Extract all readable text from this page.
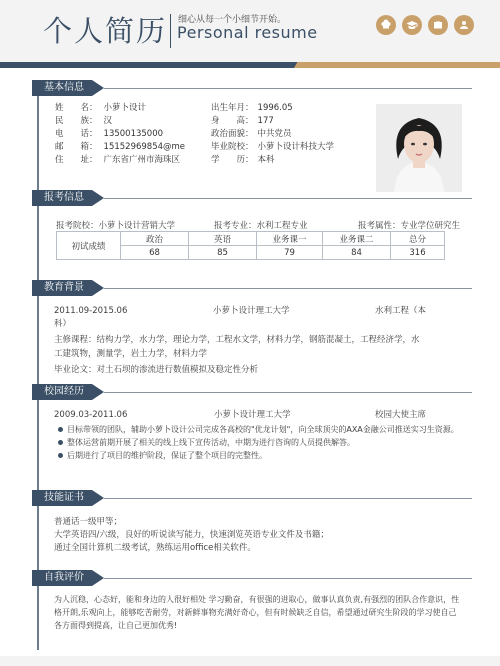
个人简历 细心从每一个小细节开始。
Personal resume
基本信息
姓　　名： 小萝卜设计
民　　族： 汉
电　　话： 13500135000
邮　　箱： 15152969854@me
住　　址： 广东省广州市海珠区
出生年月： 1996.05
身　　高： 177
政治面貌： 中共党员
毕业院校： 小萝卜设计科技大学
学　　历： 本科
报考信息
报考院校：小萝卜设计营销大学	报考专业：水利工程专业	报考属性：专业学位研究生
初试成绩	政治	英语	业务课一	业务课二	总分
	68	85	79	84	316
教育背景
2011.09-2015.06	小萝卜设计理工大学	水利工程（本
科）
主修课程：结构力学，水力学，理论力学，工程水文学，材料力学，钢筋混凝土，工程经济学，水
工建筑物，测量学，岩土力学，材料力学
毕业论文：对土石坝的渗流进行数值模拟及稳定性分析
校园经历
2009.03-2011.06	小萝卜设计理工大学	校园大使主席
目标带领的团队，辅助小萝卜设计公司完成各高校的"优龙计划"，向全球顶尖的AXA金融公司推送实习生资源。
整体运营前期开展了相关的线上线下宣传活动，中期为进行咨询的人员提供解答。
后期进行了项目的维护阶段，保证了整个项目的完整性。
技能证书
普通话一级甲等；
大学英语四/六级，良好的听说读写能力，快速浏览英语专业文件及书籍；
通过全国计算机二级考试，熟练运用office相关软件。
自我评价
为人沉稳，心态好，能和身边的人很好相处 学习勤奋，有很强的进取心，做事认真负责,有强烈的团队合作意识，性
格开朗,乐观向上，能够吃苦耐劳，对新鲜事物充满好奇心，但有时候缺乏自信，希望通过研究生阶段的学习使自己
各方面得到提高，让自己更加优秀!
